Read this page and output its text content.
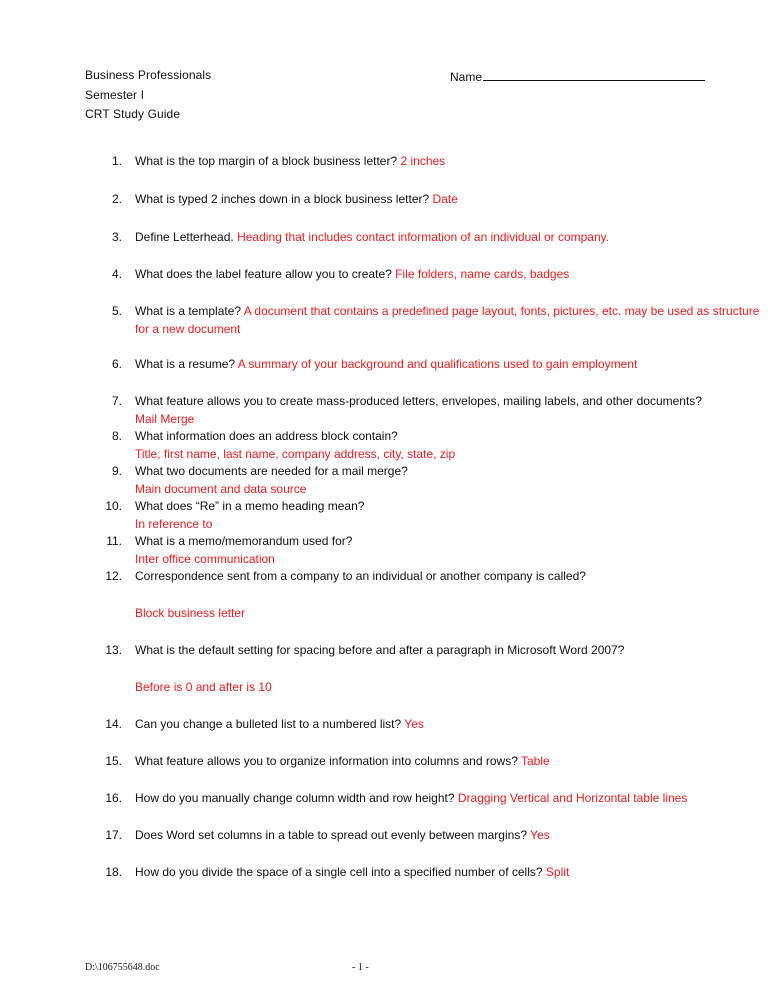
Business Professionals
Semester I
CRT Study Guide
Name
1. What is the top margin of a block business letter? 2 inches
2. What is typed 2 inches down in a block business letter? Date
3. Define Letterhead. Heading that includes contact information of an individual or company.
4. What does the label feature allow you to create? File folders, name cards, badges
5. What is a template? A document that contains a predefined page layout, fonts, pictures, etc. may be used as structure
for a new document
6. What is a resume? A summary of your background and qualifications used to gain employment
7. What feature allows you to create mass-produced letters, envelopes, mailing labels, and other documents?
Mail Merge
8. What information does an address block contain?
Title, first name, last name, company address, city, state, zip
9. What two documents are needed for a mail merge?
Main document and data source
10. What does “Re” in a memo heading mean?
In reference to
11. What is a memo/memorandum used for?
Inter office communication
12. Correspondence sent from a company to an individual or another company is called?
Block business letter
13. What is the default setting for spacing before and after a paragraph in Microsoft Word 2007?
Before is 0 and after is 10
14. Can you change a bulleted list to a numbered list? Yes
15. What feature allows you to organize information into columns and rows? Table
16. How do you manually change column width and row height? Dragging Vertical and Horizontal table lines
17. Does Word set columns in a table to spread out evenly between margins? Yes
18. How do you divide the space of a single cell into a specified number of cells? Split
D:\106755648.doc	- 1 -
